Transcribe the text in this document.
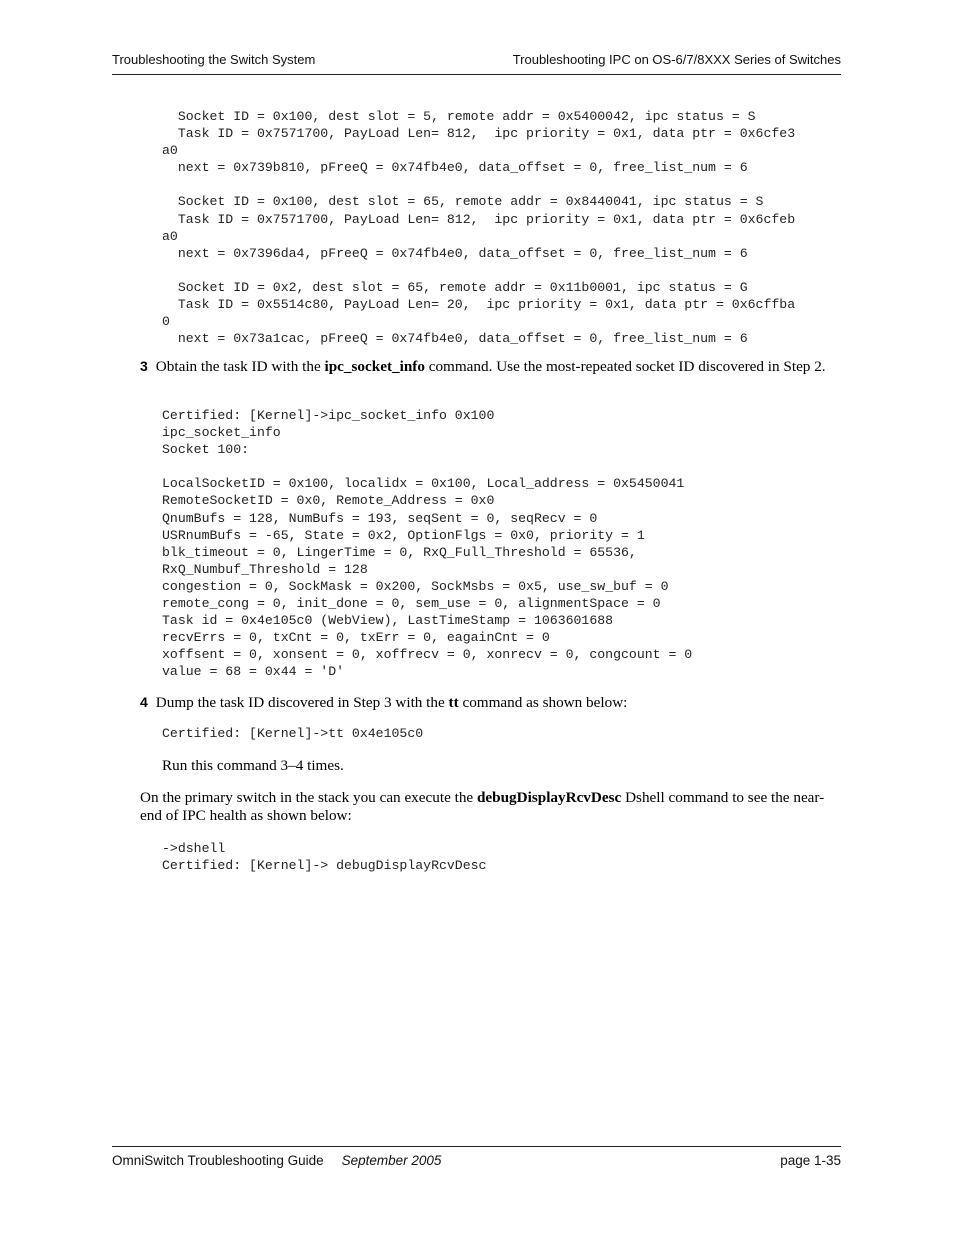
Troubleshooting the Switch System	Troubleshooting IPC on OS-6/7/8XXX Series of Switches
Socket ID = 0x100, dest slot = 5, remote addr = 0x5400042, ipc status = S
Task ID = 0x7571700, PayLoad Len= 812,  ipc priority = 0x1, data ptr = 0x6cfe3
a0
next = 0x739b810, pFreeQ = 0x74fb4e0, data_offset = 0, free_list_num = 6

Socket ID = 0x100, dest slot = 65, remote addr = 0x8440041, ipc status = S
Task ID = 0x7571700, PayLoad Len= 812,  ipc priority = 0x1, data ptr = 0x6cfeb
a0
next = 0x7396da4, pFreeQ = 0x74fb4e0, data_offset = 0, free_list_num = 6

Socket ID = 0x2, dest slot = 65, remote addr = 0x11b0001, ipc status = G
Task ID = 0x5514c80, PayLoad Len= 20,  ipc priority = 0x1, data ptr = 0x6cffba
0
next = 0x73a1cac, pFreeQ = 0x74fb4e0, data_offset = 0, free_list_num = 6
3 Obtain the task ID with the ipc_socket_info command. Use the most-repeated socket ID discovered in Step 2.
Certified: [Kernel]->ipc_socket_info 0x100
ipc_socket_info
Socket 100:

LocalSocketID = 0x100, localidx = 0x100, Local_address = 0x5450041
RemoteSocketID = 0x0, Remote_Address = 0x0
QnumBufs = 128, NumBufs = 193, seqSent = 0, seqRecv = 0
USRnumBufs = -65, State = 0x2, OptionFlgs = 0x0, priority = 1
blk_timeout = 0, LingerTime = 0, RxQ_Full_Threshold = 65536,
RxQ_Numbuf_Threshold = 128
congestion = 0, SockMask = 0x200, SockMsbs = 0x5, use_sw_buf = 0
remote_cong = 0, init_done = 0, sem_use = 0, alignmentSpace = 0
Task id = 0x4e105c0 (WebView), LastTimeStamp = 1063601688
recvErrs = 0, txCnt = 0, txErr = 0, eagainCnt = 0
xoffsent = 0, xonsent = 0, xoffrecv = 0, xonrecv = 0, congcount = 0
value = 68 = 0x44 = 'D'
4 Dump the task ID discovered in Step 3 with the tt command as shown below:
Certified: [Kernel]->tt 0x4e105c0
Run this command 3–4 times.
On the primary switch in the stack you can execute the debugDisplayRcvDesc Dshell command to see the near-end of IPC health as shown below:
->dshell
Certified: [Kernel]-> debugDisplayRcvDesc
OmniSwitch Troubleshooting Guide September 2005	page 1-35
